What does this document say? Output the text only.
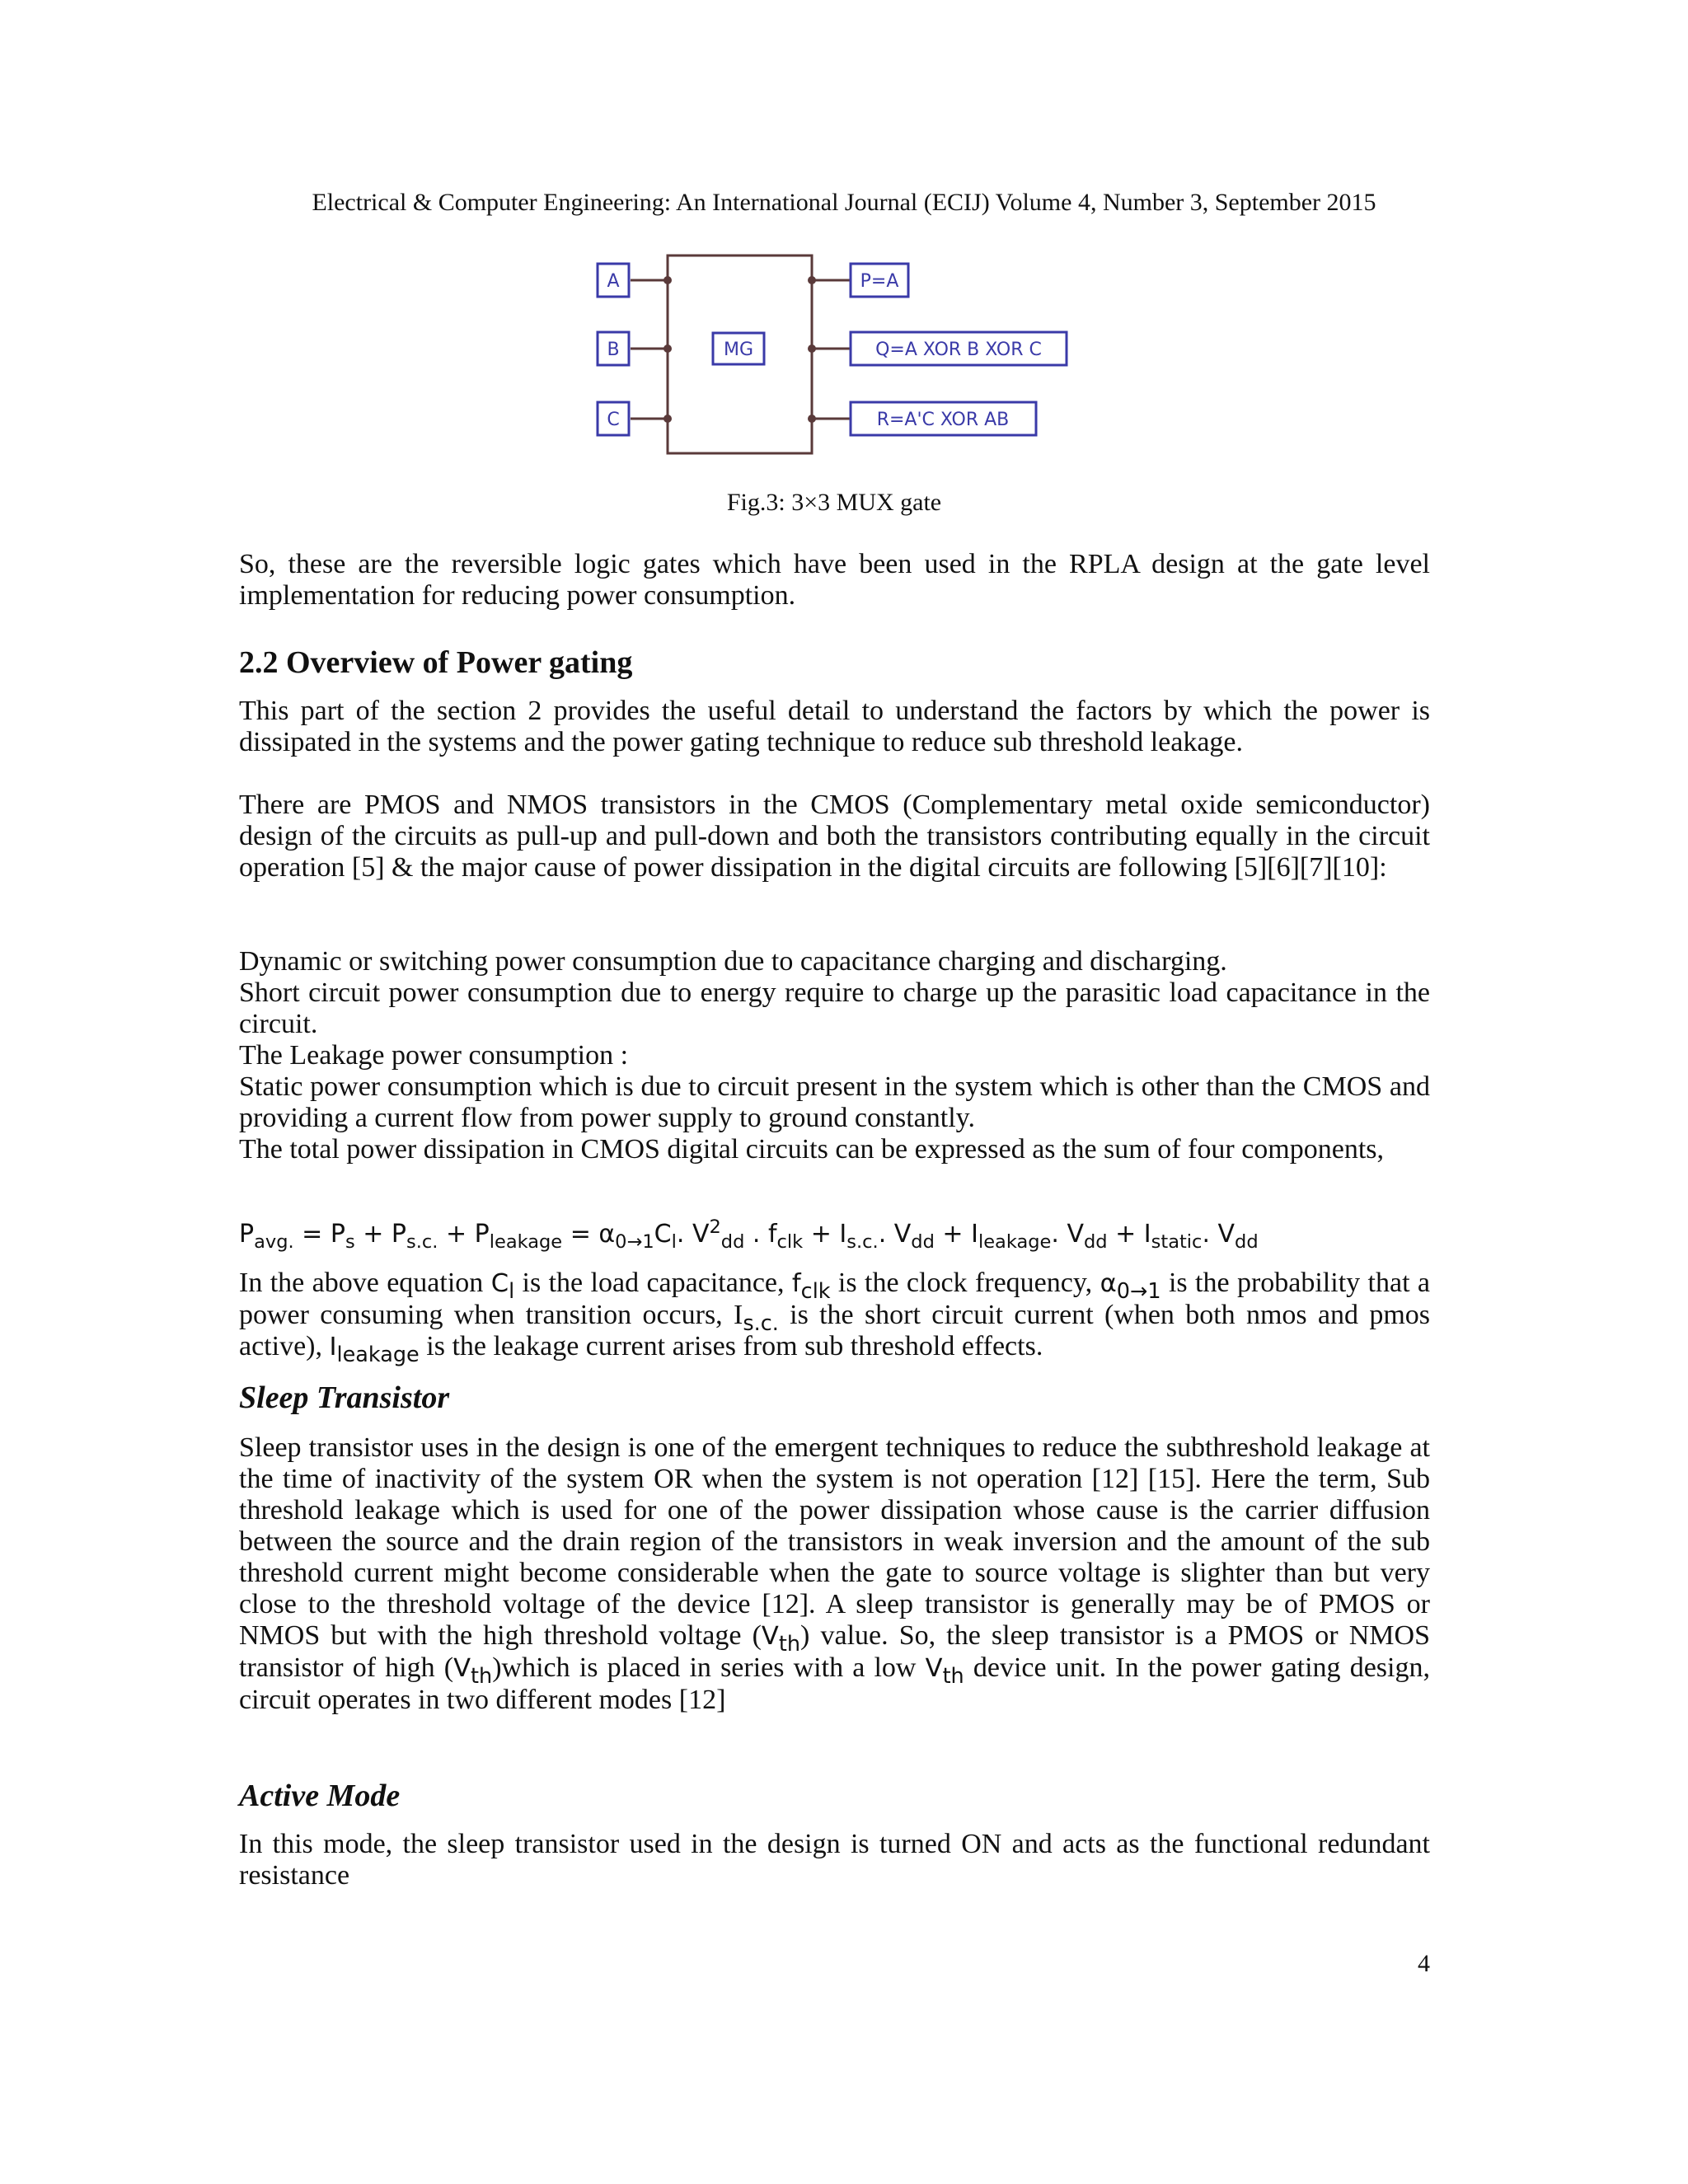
Electrical & Computer Engineering: An International Journal (ECIJ) Volume 4, Number 3, September 2015
A
B
C
MG
P=A
Q=A XOR B XOR C
R=A'C XOR AB
Fig.3: 3×3 MUX gate
So, these are the reversible logic gates which have been used in the RPLA design at the gate level implementation for reducing power consumption.
2.2 Overview of Power gating
This part of the section 2 provides the useful detail to understand the factors by which the power is dissipated in the systems and the power gating technique to reduce sub threshold leakage.
There are PMOS and NMOS transistors in the CMOS (Complementary metal oxide semiconductor) design of the circuits as pull-up and pull-down and both the transistors contributing equally in the circuit operation [5] & the major cause of power dissipation in the digital circuits are following [5][6][7][10]:
Dynamic or switching power consumption due to capacitance charging and discharging.
Short circuit power consumption due to energy require to charge up the parasitic load capacitance in the circuit.
The Leakage power consumption :
Static power consumption which is due to circuit present in the system which is other than the CMOS and providing a current flow from power supply to ground constantly.
The total power dissipation in CMOS digital circuits can be expressed as the sum of four components,
$P_{avg.} = P_s + P_{s.c.} + P_{leakage} = \alpha_{0\to 1}C_l$. $V^2_{dd}$ . $f_{clk} + I_{s.c.}$. $V_{dd} + I_{leakage}$. $V_{dd} + I_{static}$. $V_{dd}$
In the above equation $C_l$ is the load capacitance, $f_{clk}$ is the clock frequency, $\alpha_{0\to 1}$ is the probability that a power consuming when transition occurs, $I_{s.c.}$ is the short circuit current (when both nmos and pmos active), $I_{leakage}$ is the leakage current arises from sub threshold effects.
Sleep Transistor
Sleep transistor uses in the design is one of the emergent techniques to reduce the subthreshold leakage at the time of inactivity of the system OR when the system is not operation [12] [15]. Here the term, Sub threshold leakage which is used for one of the power dissipation whose cause is the carrier diffusion between the source and the drain region of the transistors in weak inversion and the amount of the sub threshold current might become considerable when the gate to source voltage is slighter than but very close to the threshold voltage of the device [12]. A sleep transistor is generally may be of PMOS or NMOS but with the high threshold voltage $(V_{th})$ value. So, the sleep transistor is a PMOS or NMOS transistor of high $(V_{th})which$ is placed in series with a low $V_{th}$ device unit. In the power gating design, circuit operates in two different modes [12]
Active Mode
In this mode, the sleep transistor used in the design is turned ON and acts as the functional redundant resistance
4
